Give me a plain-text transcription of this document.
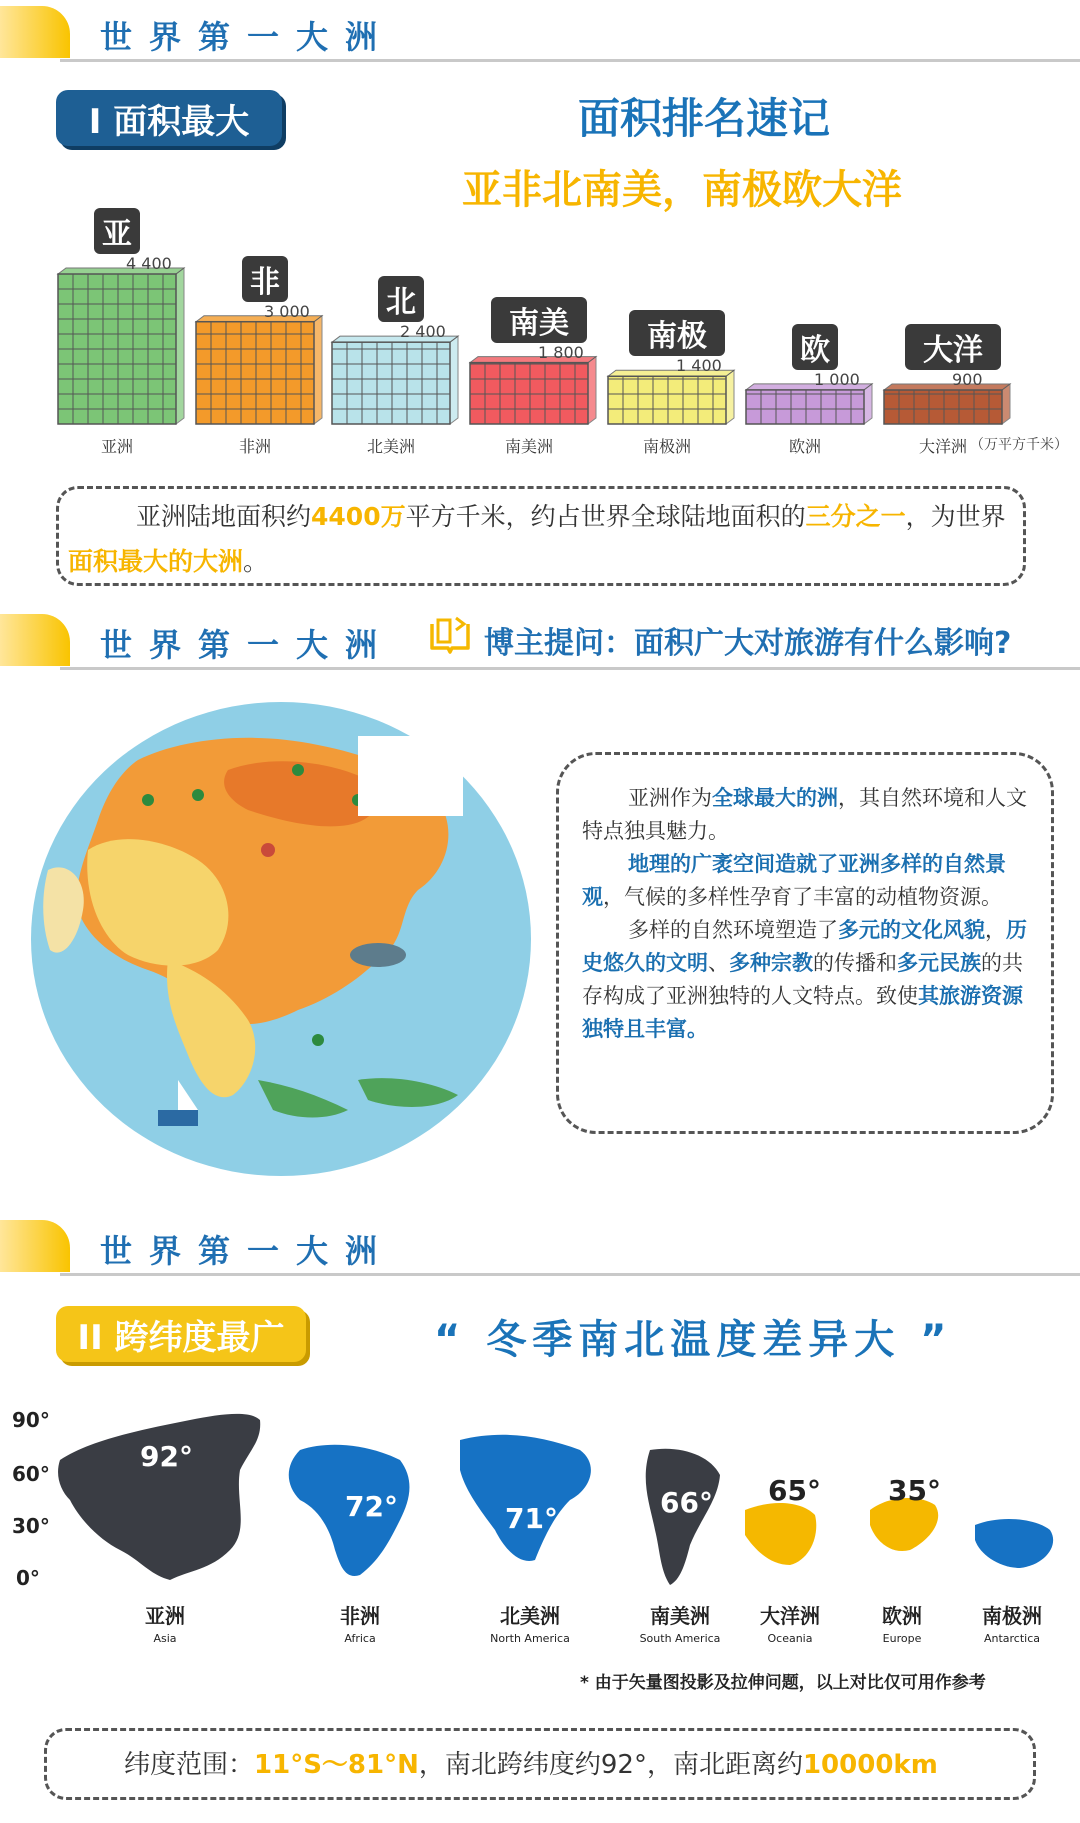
世界第一大洲
I 面积最大	面积排名速记
亚非北南美，南极欧大洋
亚
4 400
亚洲
非
3 000
非洲
北
2 400
北美洲
南美
1 800
南美洲
南极
1 400
南极洲
欧
1 000
欧洲
大洋
900
大洋洲 （万平方千米）
亚洲陆地面积约4400万平方千米，约占世界全球陆地面积的三分之一，为世界面积最大的大洲。
世界第一大洲	博主提问：面积广大对旅游有什么影响?
亚洲作为全球最大的洲，其自然环境和人文特点独具魅力。
地理的广袤空间造就了亚洲多样的自然景观，气候的多样性孕育了丰富的动植物资源。
多样的自然环境塑造了多元的文化风貌，历史悠久的文明、多种宗教的传播和多元民族的共存构成了亚洲独特的人文特点。致使其旅游资源独特且丰富。
世界第一大洲
II 跨纬度最广	“ 冬季南北温度差异大 ”
90°
60°
30°
0°
92°
亚洲
Asia
72°
非洲
Africa
71°
北美洲
North America
66°
南美洲
South America
65°
大洋洲
Oceania
35°
欧洲
Europe
28°
南极洲
Antarctica
* 由于矢量图投影及拉伸问题，以上对比仅可用作参考
纬度范围：11°S～81°N，南北跨纬度约92°，南北距离约10000km
